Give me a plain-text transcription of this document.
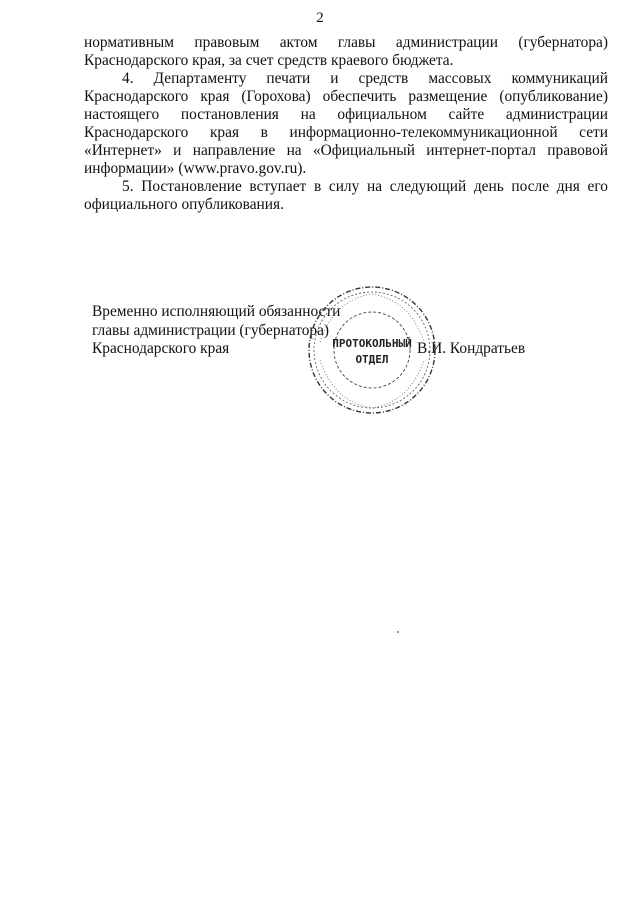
2

нормативным правовым актом главы администрации (губернатора) Краснодарского края, за счет средств краевого бюджета.

4. Департаменту печати и средств массовых коммуникаций Краснодарского края (Горохова) обеспечить размещение (опубликование) настоящего постановления на официальном сайте администрации Краснодарского края в информационно-телекоммуникационной сети «Интернет» и направление на «Официальный интернет-портал правовой информации» (www.pravo.gov.ru).

5. Постановление вступает в силу на следующий день после дня его официального опубликования.

Временно исполняющий обязанности
главы администрации (губернатора)
Краснодарского края	В.И. Кондратьев
ПРОТОКОЛЬНЫЙ
ОТДЕЛ
